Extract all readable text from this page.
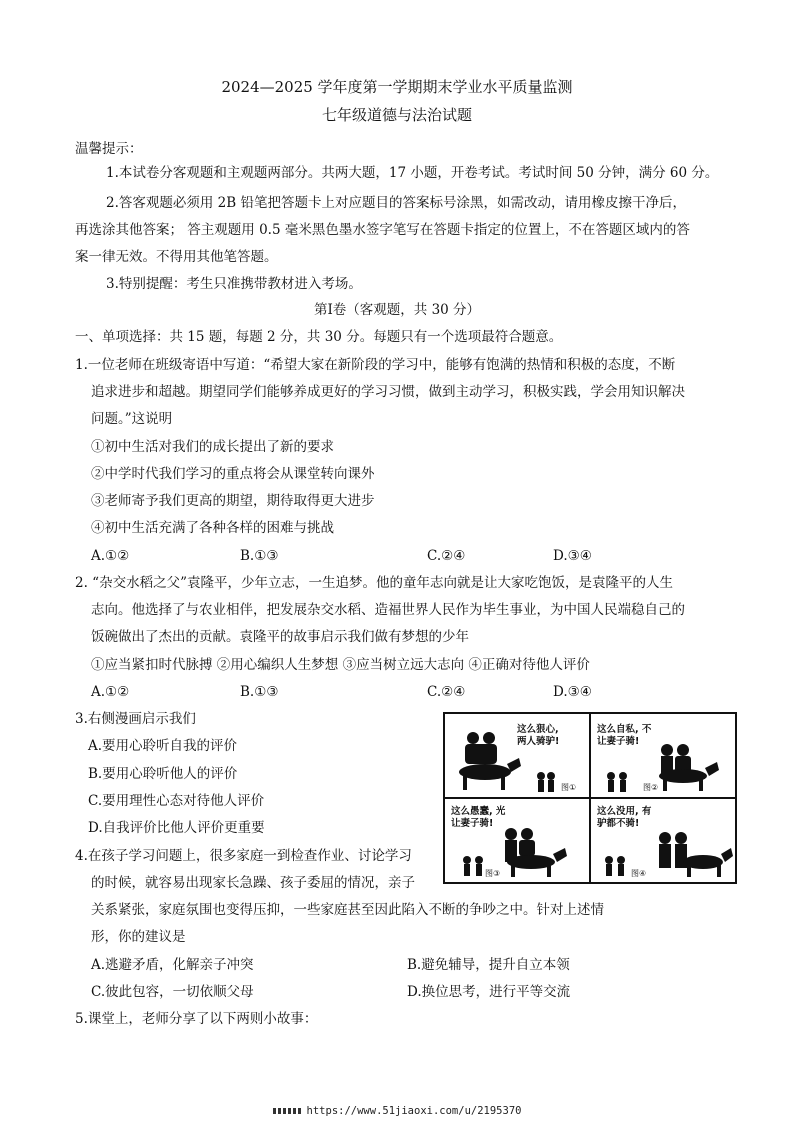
2024—2025 学年度第一学期期末学业水平质量监测
七年级道德与法治试题
温馨提示：
1.本试卷分客观题和主观题两部分。共两大题，17 小题，开卷考试。考试时间 50 分钟，满分 60 分。
2.答客观题必须用 2B 铅笔把答题卡上对应题目的答案标号涂黑，如需改动，请用橡皮擦干净后，
再选涂其他答案； 答主观题用 0.5 毫米黑色墨水签字笔写在答题卡指定的位置上，不在答题区域内的答
案一律无效。不得用其他笔答题。
3.特别提醒：考生只准携带教材进入考场。
第Ⅰ卷（客观题，共 30 分）
一、单项选择：共 15 题，每题 2 分，共 30 分。每题只有一个选项最符合题意。
1.一位老师在班级寄语中写道：“希望大家在新阶段的学习中，能够有饱满的热情和积极的态度，不断
追求进步和超越。期望同学们能够养成更好的学习习惯，做到主动学习，积极实践，学会用知识解决
问题。”这说明
①初中生活对我们的成长提出了新的要求
②中学时代我们学习的重点将会从课堂转向课外
③老师寄予我们更高的期望，期待取得更大进步
④初中生活充满了各种各样的困难与挑战
A.①②	B.①③	C.②④	D.③④
2. “杂交水稻之父”袁隆平，少年立志，一生追梦。他的童年志向就是让大家吃饱饭，是袁隆平的人生
志向。他选择了与农业相伴，把发展杂交水稻、造福世界人民作为毕生事业，为中国人民端稳自己的
饭碗做出了杰出的贡献。袁隆平的故事启示我们做有梦想的少年
①应当紧扣时代脉搏 ②用心编织人生梦想 ③应当树立远大志向 ④正确对待他人评价
A.①②	B.①③	C.②④	D.③④
3.右侧漫画启示我们
A.要用心聆听自我的评价
B.要用心聆听他人的评价
C.要用理性心态对待他人评价
D.自我评价比他人评价更重要
这么狠心,
两人骑驴!
图①
这么自私, 不
让妻子骑!
图②
这么愚蠢, 光
让妻子骑!
图③
这么没用, 有
驴都不骑!
图④
4.在孩子学习问题上，很多家庭一到检查作业、讨论学习
的时候，就容易出现家长急躁、孩子委屈的情况，亲子
关系紧张，家庭氛围也变得压抑，一些家庭甚至因此陷入不断的争吵之中。针对上述情
形，你的建议是
A.逃避矛盾，化解亲子冲突	B.避免辅导，提升自立本领
C.彼此包容，一切依顺父母	D.换位思考，进行平等交流
5.课堂上，老师分享了以下两则小故事：
https://www.51jiaoxi.com/u/2195370
